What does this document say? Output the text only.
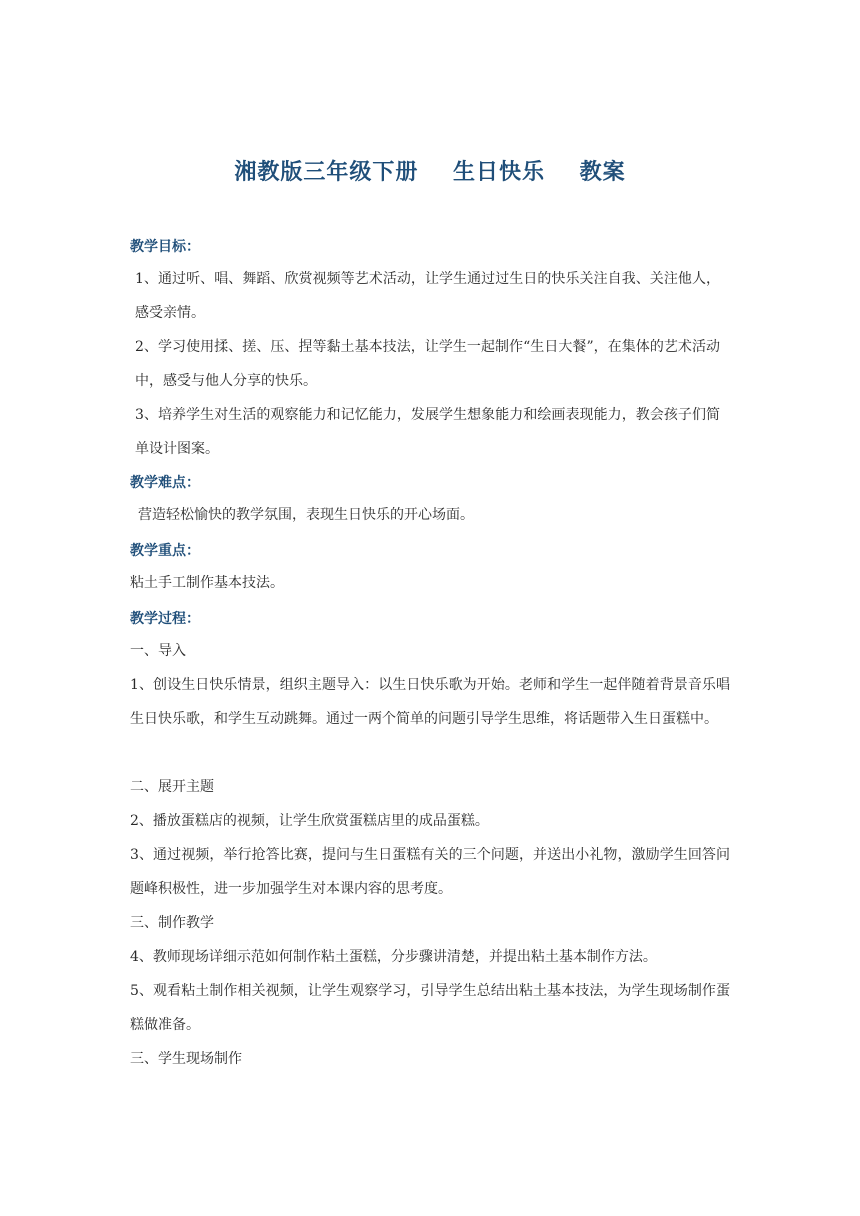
湘教版三年级下册    生日快乐    教案
教学目标：
1、通过听、唱、舞蹈、欣赏视频等艺术活动，让学生通过过生日的快乐关注自我、关注他人，感受亲情。
2、学习使用揉、搓、压、捏等黏土基本技法，让学生一起制作“生日大餐”，在集体的艺术活动中，感受与他人分享的快乐。
3、培养学生对生活的观察能力和记忆能力，发展学生想象能力和绘画表现能力，教会孩子们简单设计图案。
教学难点：
营造轻松愉快的教学氛围，表现生日快乐的开心场面。
教学重点：
粘土手工制作基本技法。
教学过程：
一、导入
1、创设生日快乐情景，组织主题导入：以生日快乐歌为开始。老师和学生一起伴随着背景音乐唱生日快乐歌，和学生互动跳舞。通过一两个简单的问题引导学生思维，将话题带入生日蛋糕中。
二、展开主题
2、播放蛋糕店的视频，让学生欣赏蛋糕店里的成品蛋糕。
3、通过视频，举行抢答比赛，提问与生日蛋糕有关的三个问题，并送出小礼物，激励学生回答问题峰积极性，进一步加强学生对本课内容的思考度。
三、制作教学
4、教师现场详细示范如何制作粘土蛋糕，分步骤讲清楚，并提出粘土基本制作方法。
5、观看粘土制作相关视频，让学生观察学习，引导学生总结出粘土基本技法，为学生现场制作蛋糕做准备。
三、学生现场制作
